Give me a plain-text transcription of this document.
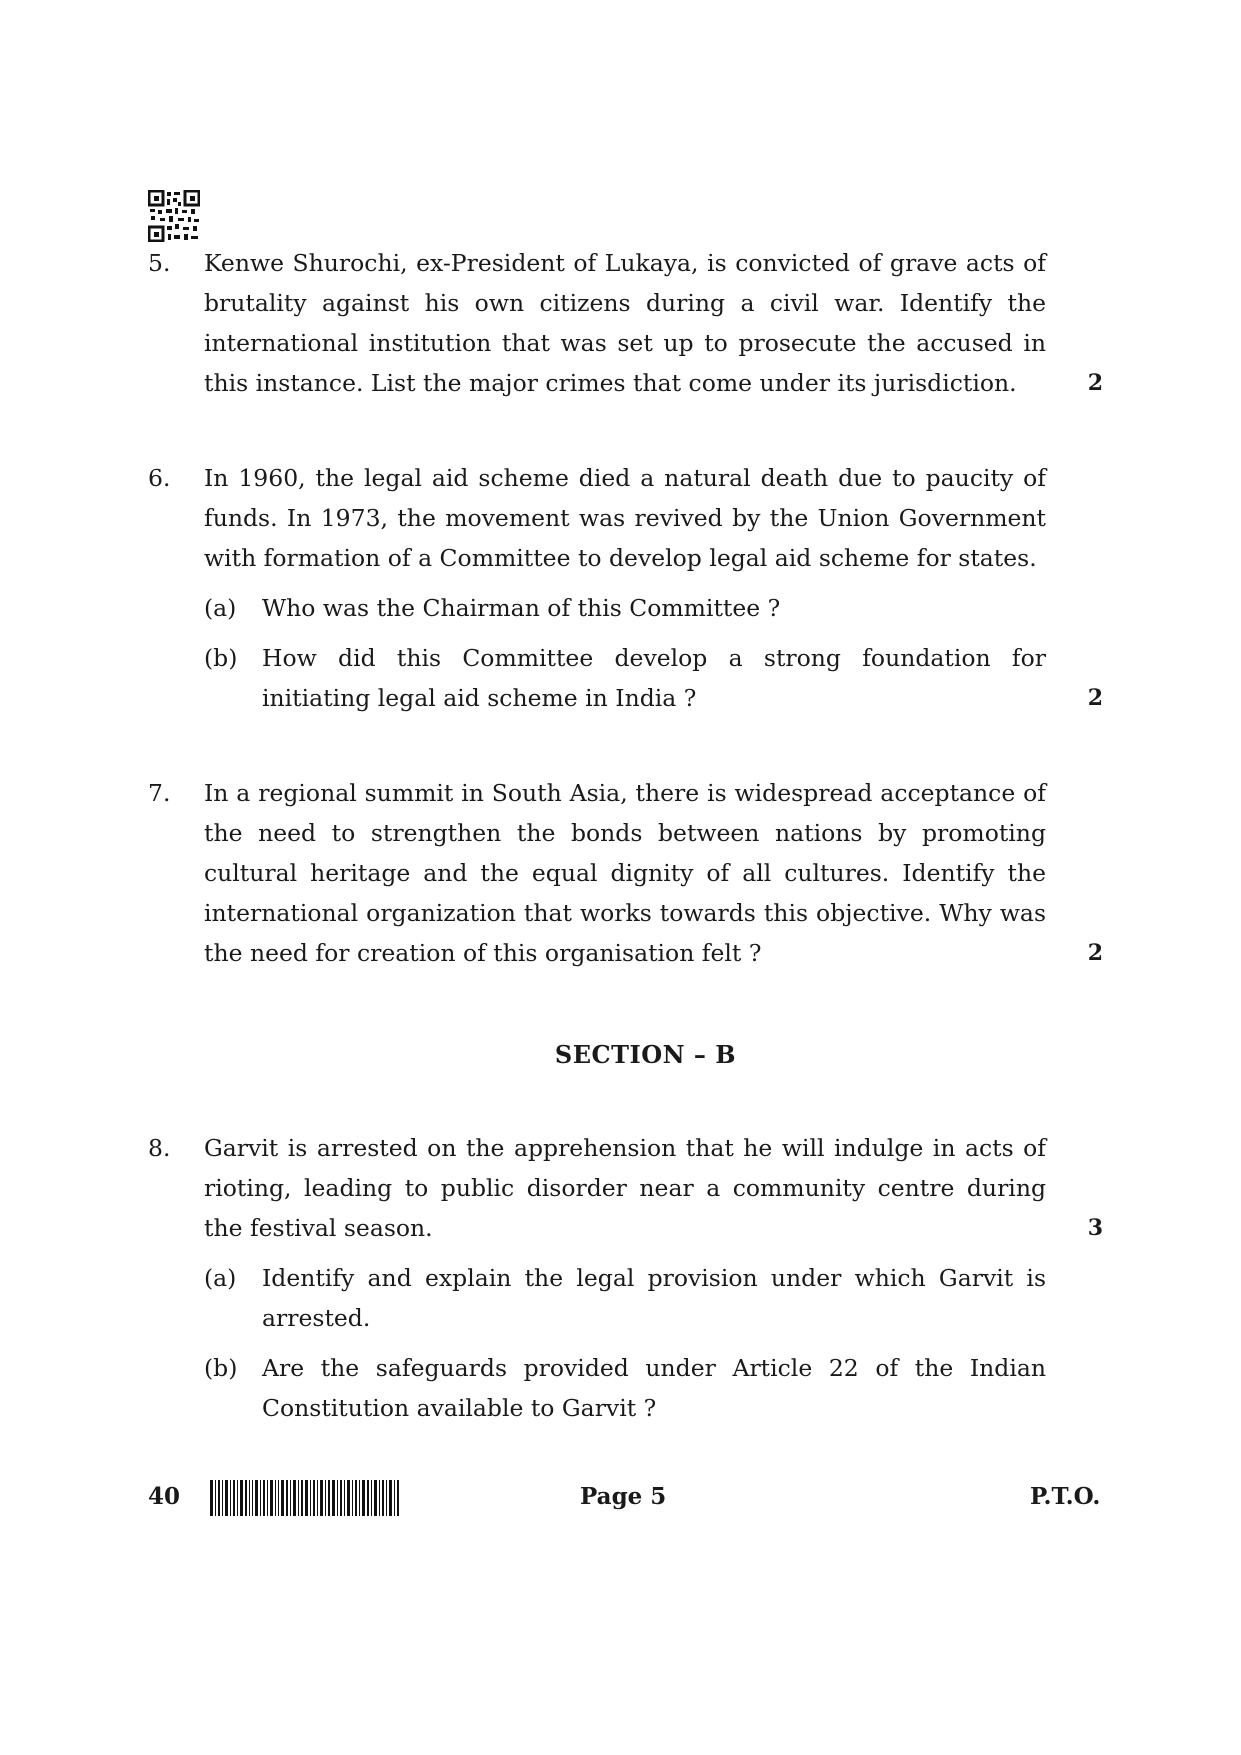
5. Kenwe Shurochi, ex-President of Lukaya, is convicted of grave acts of brutality against his own citizens during a civil war. Identify the international institution that was set up to prosecute the accused in this instance. List the major crimes that come under its jurisdiction.	2
6. In 1960, the legal aid scheme died a natural death due to paucity of funds. In 1973, the movement was revived by the Union Government with formation of a Committee to develop legal aid scheme for states.
(a) Who was the Chairman of this Committee ?
(b) How did this Committee develop a strong foundation for initiating legal aid scheme in India ?	2
7. In a regional summit in South Asia, there is widespread acceptance of the need to strengthen the bonds between nations by promoting cultural heritage and the equal dignity of all cultures. Identify the international organization that works towards this objective. Why was the need for creation of this organisation felt ?	2
SECTION – B
8. Garvit is arrested on the apprehension that he will indulge in acts of rioting, leading to public disorder near a community centre during the festival season.	3
(a) Identify and explain the legal provision under which Garvit is arrested.
(b) Are the safeguards provided under Article 22 of the Indian Constitution available to Garvit ?
40	Page 5	P.T.O.
